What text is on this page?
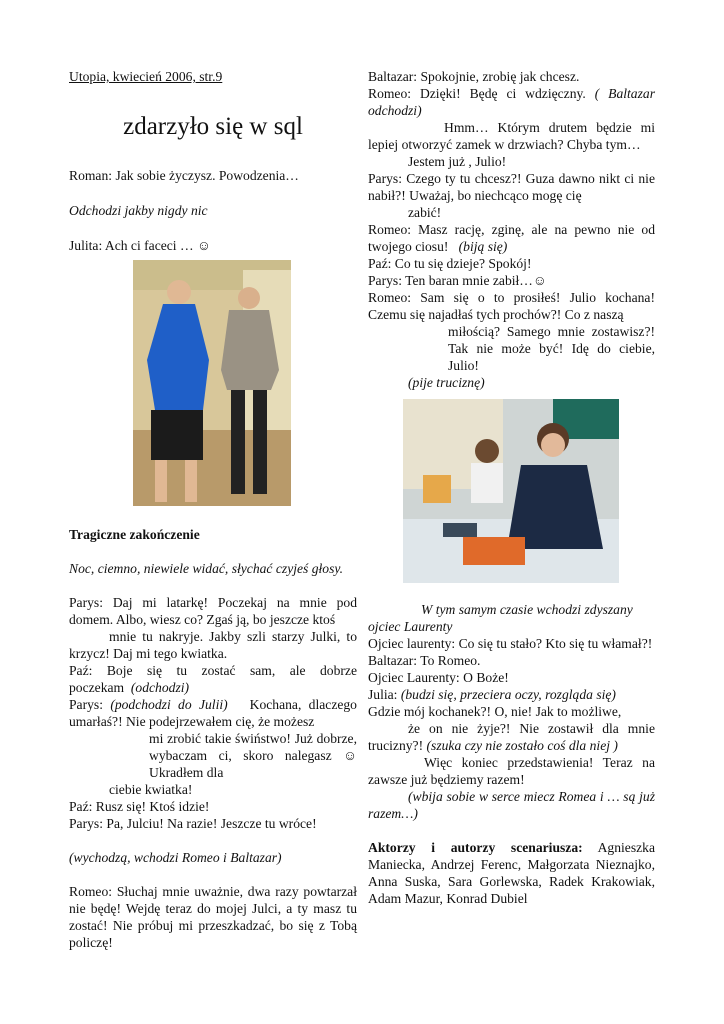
Utopia, kwiecień 2006, str.9

zdarzyło się w sql

Roman: Jak sobie życzysz. Powodzenia…

Odchodzi jakby nigdy nic

Julita: Ach ci faceci … ☺

Tragiczne zakończenie

Noc, ciemno, niewiele widać, słychać czyjeś głosy.

Parys: Daj mi latarkę! Poczekaj na mnie pod domem. Albo, wiesz co? Zgaś ją, bo jeszcze ktoś

mnie tu nakryje. Jakby szli starzy Julki, to krzycz! Daj mi tego kwiatka.

Paź: Boje się tu zostać sam, ale dobrze poczekam (odchodzi)

Parys: (podchodzi do Julii) Kochana, dlaczego umarłaś?! Nie podejrzewałem cię, że możesz

mi zrobić takie świństwo! Już dobrze, wybaczam ci, skoro nalegasz ☺ Ukradłem dla

ciebie kwiatka!

Paź: Rusz się! Ktoś idzie!

Parys: Pa, Julciu! Na razie! Jeszcze tu wróce!

(wychodzą, wchodzi Romeo i Baltazar)

Romeo: Słuchaj mnie uważnie, dwa razy powtarzał nie będę! Wejdę teraz do mojej Julci, a ty masz tu zostać! Nie próbuj mi przeszkadzać, bo się z Tobą policzę!

Baltazar: Spokojnie, zrobię jak chcesz.

Romeo: Dzięki! Będę ci wdzięczny. ( Baltazar odchodzi)

Hmm… Którym drutem będzie mi lepiej otworzyć zamek w drzwiach? Chyba tym…

Jestem już , Julio!

Parys: Czego ty tu chcesz?! Guza dawno nikt ci nie nabił?! Uważaj, bo niechcąco mogę cię

zabić!

Romeo: Masz rację, zginę, ale na pewno nie od twojego ciosu! (biją się)

Paź: Co tu się dzieje? Spokój!

Parys: Ten baran mnie zabił…☺

Romeo: Sam się o to prosiłeś! Julio kochana! Czemu się najadłaś tych prochów?! Co z naszą

miłością? Samego mnie zostawisz?! Tak nie może być! Idę do ciebie, Julio!

(pije truciznę)

W tym samym czasie wchodzi zdyszany ojciec Laurenty

Ojciec laurenty: Co się tu stało? Kto się tu włamał?!

Baltazar: To Romeo.

Ojciec Laurenty: O Boże!

Julia: (budzi się, przeciera oczy, rozgląda się)

Gdzie mój kochanek?! O, nie! Jak to możliwe,

że on nie żyje?! Nie zostawił dla mnie trucizny?! (szuka czy nie zostało coś dla niej )

Więc koniec przedstawienia! Teraz na zawsze już będziemy razem!

(wbija sobie w serce miecz Romea i … są już razem…)

Aktorzy i autorzy scenariusza: Agnieszka Maniecka, Andrzej Ferenc, Małgorzata Nieznajko, Anna Suska, Sara Gorlewska, Radek Krakowiak, Adam Mazur, Konrad Dubiel
